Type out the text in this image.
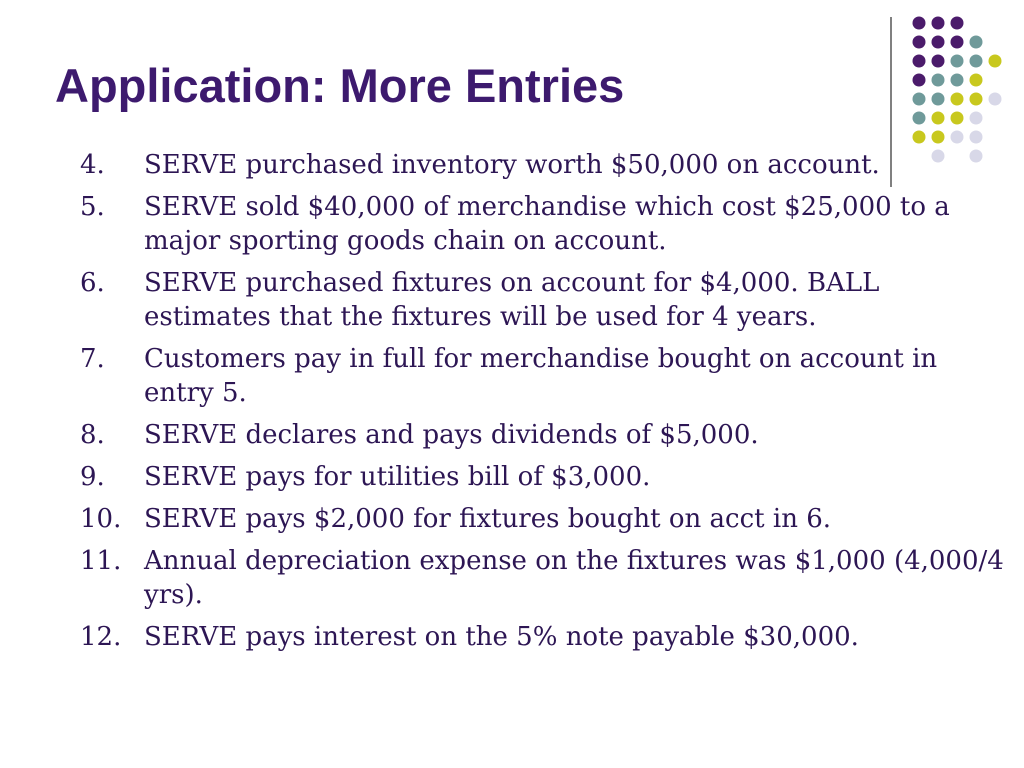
Application: More Entries
4.	SERVE purchased inventory worth $50,000 on account.
5.	SERVE sold $40,000 of merchandise which cost $25,000 to a major sporting goods chain on account.
6.	SERVE purchased fixtures on account for $4,000. BALL estimates that the fixtures will be used for 4 years.
7.	Customers pay in full for merchandise bought on account in entry 5.
8.	SERVE declares and pays dividends of $5,000.
9.	SERVE pays for utilities bill of $3,000.
10. SERVE pays $2,000 for fixtures bought on acct in 6.
11. Annual depreciation expense on the fixtures was $1,000 (4,000/4 yrs).
12. SERVE pays interest on the 5% note payable $30,000.
